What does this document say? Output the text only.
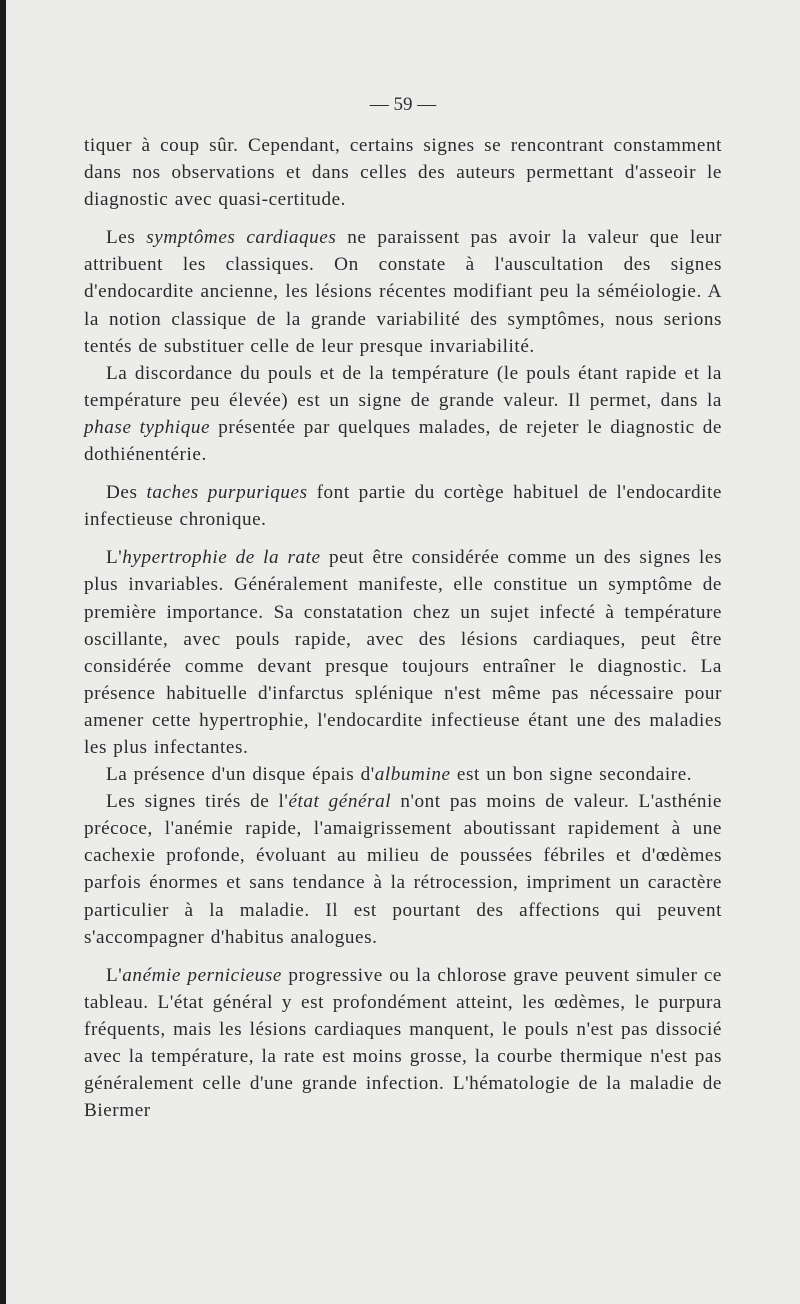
— 59 —

tiquer à coup sûr. Cependant, certains signes se rencontrant constamment dans nos observations et dans celles des auteurs permettant d'asseoir le diagnostic avec quasi-certitude.

Les symptômes cardiaques ne paraissent pas avoir la valeur que leur attribuent les classiques. On constate à l'auscultation des signes d'endocardite ancienne, les lésions récentes modifiant peu la séméiologie. A la notion classique de la grande variabilité des symptômes, nous serions tentés de substituer celle de leur presque invariabilité.

La discordance du pouls et de la température (le pouls étant rapide et la température peu élevée) est un signe de grande valeur. Il permet, dans la phase typhique présentée par quelques malades, de rejeter le diagnostic de dothiénentérie.

Des taches purpuriques font partie du cortège habituel de l'endocardite infectieuse chronique.

L'hypertrophie de la rate peut être considérée comme un des signes les plus invariables. Généralement manifeste, elle constitue un symptôme de première importance. Sa constatation chez un sujet infecté à température oscillante, avec pouls rapide, avec des lésions cardiaques, peut être considérée comme devant presque toujours entraîner le diagnostic. La présence habituelle d'infarctus splénique n'est même pas nécessaire pour amener cette hypertrophie, l'endocardite infectieuse étant une des maladies les plus infectantes.

La présence d'un disque épais d'albumine est un bon signe secondaire.

Les signes tirés de l'état général n'ont pas moins de valeur. L'asthénie précoce, l'anémie rapide, l'amaigrissement aboutissant rapidement à une cachexie profonde, évoluant au milieu de poussées fébriles et d'œdèmes parfois énormes et sans tendance à la rétrocession, impriment un caractère particulier à la maladie. Il est pourtant des affections qui peuvent s'accompagner d'habitus analogues.

L'anémie pernicieuse progressive ou la chlorose grave peuvent simuler ce tableau. L'état général y est profondément atteint, les œdèmes, le purpura fréquents, mais les lésions cardiaques manquent, le pouls n'est pas dissocié avec la température, la rate est moins grosse, la courbe thermique n'est pas généralement celle d'une grande infection. L'hématologie de la maladie de Biermer
